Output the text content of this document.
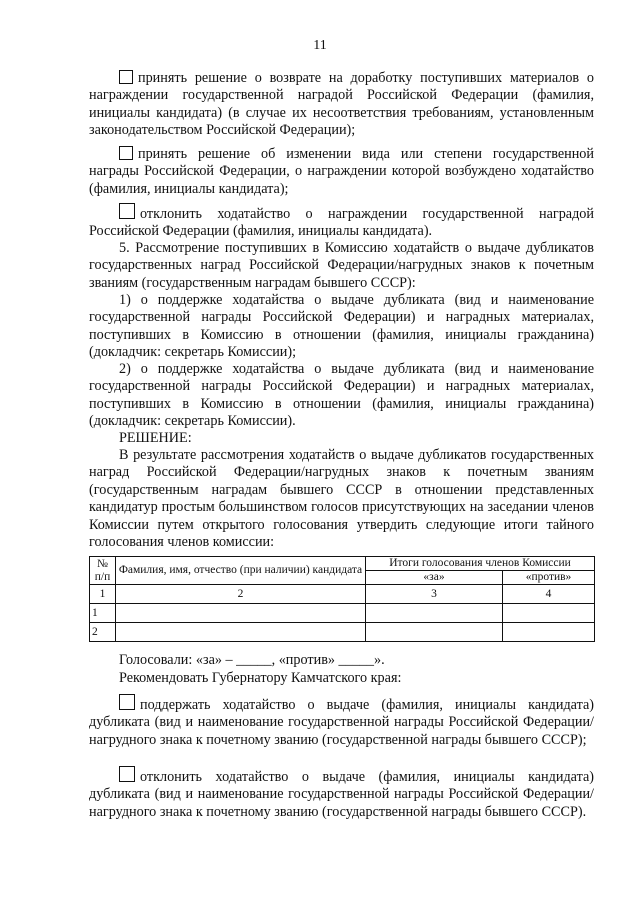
11
принять решение о возврате на доработку поступивших материалов о награждении государственной наградой Российской Федерации (фамилия, инициалы кандидата) (в случае их несоответствия требованиям, установленным законодательством Российской Федерации);
принять решение об изменении вида или степени государственной награды Российской Федерации, о награждении которой возбуждено ходатайство (фамилия, инициалы кандидата);
отклонить ходатайство о награждении государственной наградой Российской Федерации (фамилия, инициалы кандидата).
5. Рассмотрение поступивших в Комиссию ходатайств о выдаче дубликатов государственных наград Российской Федерации/нагрудных знаков к почетным званиям (государственным наградам бывшего СССР):
1) о поддержке ходатайства о выдаче дубликата (вид и наименование государственной награды Российской Федерации) и наградных материалах, поступивших в Комиссию в отношении (фамилия, инициалы гражданина) (докладчик: секретарь Комиссии);
2) о поддержке ходатайства о выдаче дубликата (вид и наименование государственной награды Российской Федерации) и наградных материалах, поступивших в Комиссию в отношении (фамилия, инициалы гражданина) (докладчик: секретарь Комиссии).
РЕШЕНИЕ:
В результате рассмотрения ходатайств о выдаче дубликатов государственных наград Российской Федерации/нагрудных знаков к почетным званиям (государственным наградам бывшего СССР в отношении представленных кандидатур простым большинством голосов присутствующих на заседании членов Комиссии путем открытого голосования утвердить следующие итоги тайного голосования членов комиссии:
№ п/п	Фамилия, имя, отчество (при наличии) кандидата	Итоги голосования членов Комиссии	
		«за»	«против»
1	2	3	4
1			
2			
Голосовали: «за» – _____, «против» _____».
Рекомендовать Губернатору Камчатского края:
поддержать ходатайство о выдаче (фамилия, инициалы кандидата) дубликата (вид и наименование государственной награды Российской Федерации/нагрудного знака к почетному званию (государственной награды бывшего СССР);
отклонить ходатайство о выдаче (фамилия, инициалы кандидата) дубликата (вид и наименование государственной награды Российской Федерации/нагрудного знака к почетному званию (государственной награды бывшего СССР).
